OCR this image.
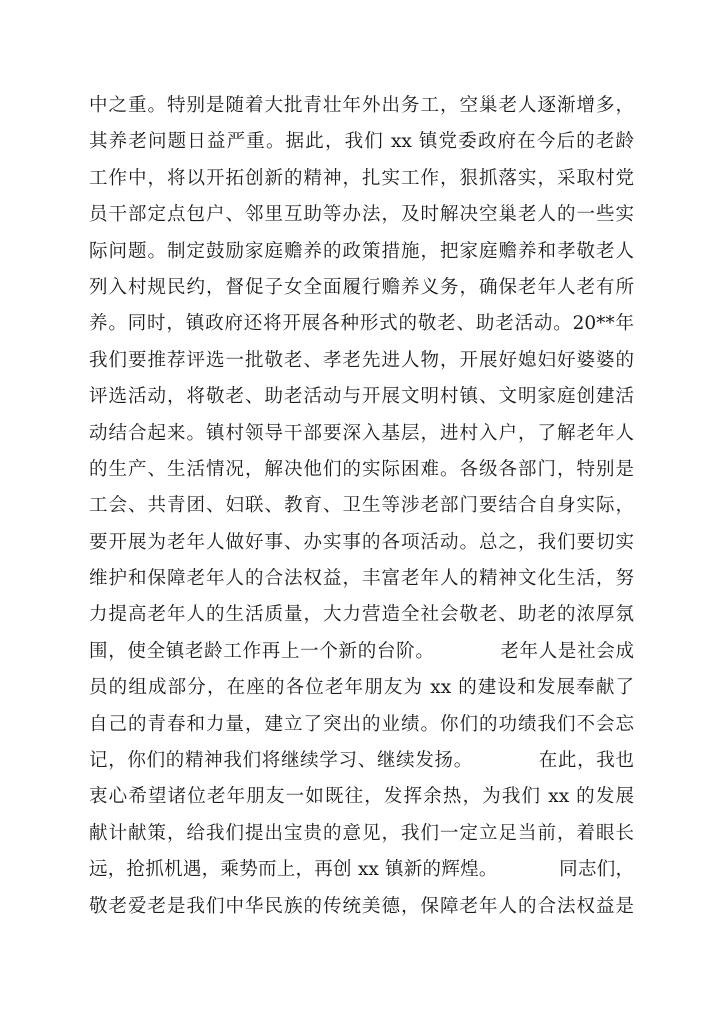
中之重。特别是随着大批青壮年外出务工，空巢老人逐渐增多，
其养老问题日益严重。据此，我们 xx 镇党委政府在今后的老龄
工作中，将以开拓创新的精神，扎实工作，狠抓落实，采取村党
员干部定点包户、邻里互助等办法，及时解决空巢老人的一些实
际问题。制定鼓励家庭赡养的政策措施，把家庭赡养和孝敬老人
列入村规民约，督促子女全面履行赡养义务，确保老年人老有所
养。同时，镇政府还将开展各种形式的敬老、助老活动。20**年
我们要推荐评选一批敬老、孝老先进人物，开展好媳妇好婆婆的
评选活动，将敬老、助老活动与开展文明村镇、文明家庭创建活
动结合起来。镇村领导干部要深入基层，进村入户，了解老年人
的生产、生活情况，解决他们的实际困难。各级各部门，特别是
工会、共青团、妇联、教育、卫生等涉老部门要结合自身实际，
要开展为老年人做好事、办实事的各项活动。总之，我们要切实
维护和保障老年人的合法权益，丰富老年人的精神文化生活，努
力提高老年人的生活质量，大力营造全社会敬老、助老的浓厚氛
围，使全镇老龄工作再上一个新的台阶。          老年人是社会成
员的组成部分，在座的各位老年朋友为 xx 的建设和发展奉献了
自己的青春和力量，建立了突出的业绩。你们的功绩我们不会忘
记，你们的精神我们将继续学习、继续发扬。          在此，我也
衷心希望诸位老年朋友一如既往，发挥余热，为我们 xx 的发展
献计献策，给我们提出宝贵的意见，我们一定立足当前，着眼长
远，抢抓机遇，乘势而上，再创 xx 镇新的辉煌。          同志们，
敬老爱老是我们中华民族的传统美德，保障老年人的合法权益是
